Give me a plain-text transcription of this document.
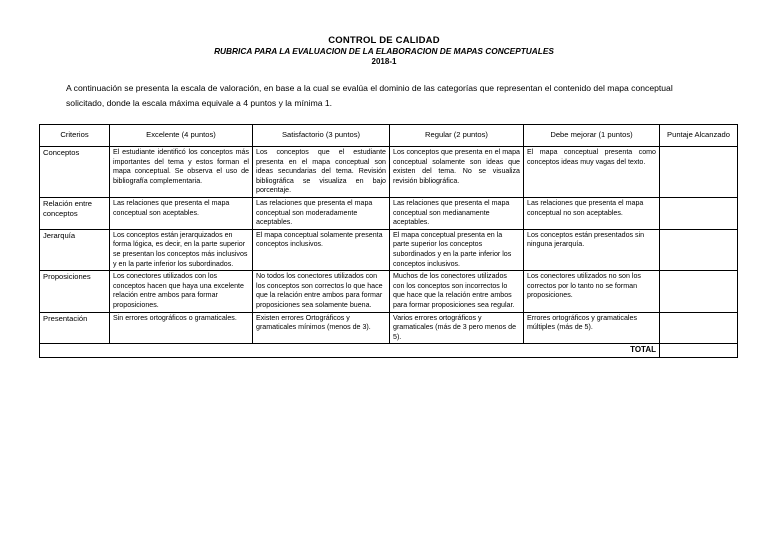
CONTROL DE CALIDAD
RUBRICA PARA LA EVALUACION DE LA ELABORACION DE MAPAS CONCEPTUALES
2018-1
A continuación se presenta la escala de valoración, en base a la cual se evalúa el dominio de las categorías que representan el contenido del mapa conceptual solicitado, donde la escala máxima equivale a 4 puntos y la mínima 1.
Criterios	Excelente (4 puntos)	Satisfactorio (3 puntos)	Regular (2 puntos)	Debe mejorar (1 puntos)	Puntaje Alcanzado
Conceptos	El estudiante identificó los conceptos más importantes del tema y estos forman el mapa conceptual. Se observa el uso de bibliografía complementaria.	Los conceptos que el estudiante presenta en el mapa conceptual son ideas secundarias del tema. Revisión bibliográfica se visualiza en bajo porcentaje.	Los conceptos que presenta en el mapa conceptual solamente son ideas que existen del tema. No se visualiza revisión bibliográfica.	El mapa conceptual presenta como conceptos ideas muy vagas del texto.	
Relación entre conceptos	Las relaciones que presenta el mapa conceptual son aceptables.	Las relaciones que presenta el mapa conceptual son moderadamente aceptables.	Las relaciones que presenta el mapa conceptual son medianamente aceptables.	Las relaciones que presenta el mapa conceptual no son aceptables.	
Jerarquía	Los conceptos están jerarquizados en forma lógica, es decir, en la parte superior se presentan los conceptos más inclusivos y en la parte inferior los subordinados.	El mapa conceptual solamente presenta conceptos inclusivos.	El mapa conceptual presenta en la parte superior los conceptos subordinados y en la parte inferior los conceptos inclusivos.	Los conceptos están presentados sin ninguna jerarquía.	
Proposiciones	Los conectores utilizados con los conceptos hacen que haya una excelente relación entre ambos para formar proposiciones.	No todos los conectores utilizados con los conceptos son correctos lo que hace que la relación entre ambos para formar proposiciones sea solamente buena.	Muchos de los conectores utilizados con los conceptos son incorrectos lo que hace que la relación entre ambos para formar proposiciones sea regular.	Los conectores utilizados no son los correctos por lo tanto no se forman proposiciones.	
Presentación	Sin errores ortográficos o gramaticales.	Existen errores Ortográficos y gramaticales mínimos (menos de 3).	Varios errores ortográficos y gramaticales (más de 3 pero menos de 5).	Errores ortográficos y gramaticales múltiples (más de 5).	
TOTAL					
